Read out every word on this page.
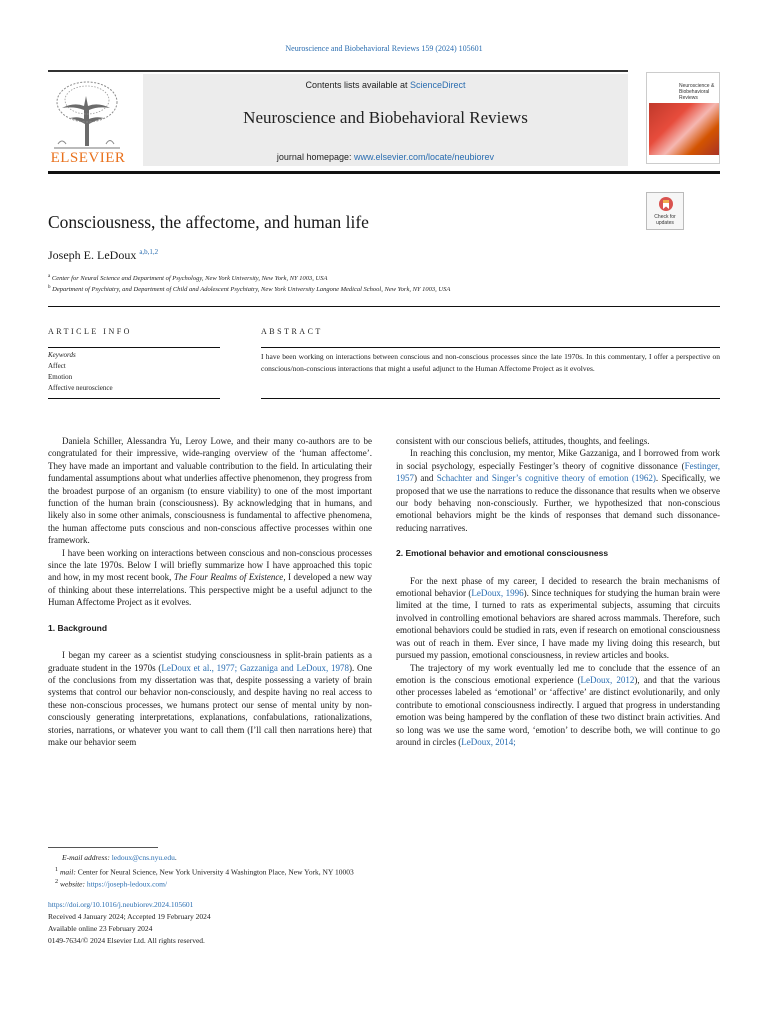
Neuroscience and Biobehavioral Reviews 159 (2024) 105601
ELSEVIER
Contents lists available at ScienceDirect
Neuroscience and Biobehavioral Reviews
journal homepage: www.elsevier.com/locate/neubiorev
Neuroscience & Biobehavioral Reviews
Consciousness, the affectome, and human life	Check for updates
Joseph E. LeDoux $^{a,b,1,2}$
$^a$ Center for Neural Science and Department of Psychology, New York University, New York, NY 1003, USA
$^b$ Department of Psychiatry, and Department of Child and Adolescent Psychiatry, New York University Langone Medical School, New York, NY 1003, USA
ARTICLE INFO	ABSTRACT
Keywords
Affect
Emotion
Affective neuroscience
I have been working on interactions between conscious and non-conscious processes since the late 1970s. In this commentary, I offer a perspective on conscious/non-conscious interactions that might a useful adjunct to the Human Affectome Project as it evolves.

Daniela Schiller, Alessandra Yu, Leroy Lowe, and their many co-authors are to be congratulated for their impressive, wide-ranging overview of the ‘human affectome’. They have made an important and valuable contribution to the field. In articulating their fundamental assumptions about what underlies affective phenomenon, they progress from the broadest purpose of an organism (to ensure viability) to one of the most important function of the human brain (consciousness). By acknowledging that in humans, and likely also in some other animals, consciousness is fundamental to affective phenomena, the human affectome puts conscious and non-conscious affective processes within one framework.

I have been working on interactions between conscious and non-conscious processes since the late 1970s. Below I will briefly summarize how I have approached this topic and how, in my most recent book, The Four Realms of Existence, I developed a new way of thinking about these interrelations. This perspective might be a useful adjunct to the Human Affectome Project as it evolves.

1. Background

I began my career as a scientist studying consciousness in split-brain patients as a graduate student in the 1970s (LeDoux et al., 1977; Gazzaniga and LeDoux, 1978). One of the conclusions from my dissertation was that, despite possessing a variety of brain systems that control our behavior non-consciously, and despite having no real access to these non-conscious processes, we humans protect our sense of mental unity by non-consciously generating interpretations, explanations, confabulations, rationalizations, stories, narrations, or whatever you want to call them (I’ll call then narrations here) that make our behavior seem

consistent with our conscious beliefs, attitudes, thoughts, and feelings.

In reaching this conclusion, my mentor, Mike Gazzaniga, and I borrowed from work in social psychology, especially Festinger’s theory of cognitive dissonance (Festinger, 1957) and Schachter and Singer’s cognitive theory of emotion (1962). Specifically, we proposed that we use the narrations to reduce the dissonance that results when we observe our body behaving non-consciously. Further, we hypothesized that non-conscious emotional behaviors might be the kinds of responses that demand such dissonance-reducing narratives.

2. Emotional behavior and emotional consciousness

For the next phase of my career, I decided to research the brain mechanisms of emotional behavior (LeDoux, 1996). Since techniques for studying the human brain were limited at the time, I turned to rats as experimental subjects, assuming that circuits involved in controlling emotional behaviors are shared across mammals. Therefore, such emotional behaviors could be studied in rats, even if research on emotional consciousness was out of reach in them. Ever since, I have made my living doing this research, but pursued my passion, emotional consciousness, in review articles and books.

The trajectory of my work eventually led me to conclude that the essence of an emotion is the conscious emotional experience (LeDoux, 2012), and that the various other processes labeled as ‘emotional’ or ‘affective’ are distinct evolutionarily, and only contribute to emotional consciousness indirectly. I argued that progress in understanding emotion was being hampered by the conflation of these two distinct brain activities. And so long was we use the same word, ‘emotion’ to describe both, we will continue to go around in circles (LeDoux, 2014;

E-mail address: ledoux@cns.nyu.edu.
$^1$ mail: Center for Neural Science, New York University 4 Washington Place, New York, NY 10003
$^2$ website: https://joseph-ledoux.com/
https://doi.org/10.1016/j.neubiorev.2024.105601
Received 4 January 2024; Accepted 19 February 2024
Available online 23 February 2024
0149-7634/© 2024 Elsevier Ltd. All rights reserved.
